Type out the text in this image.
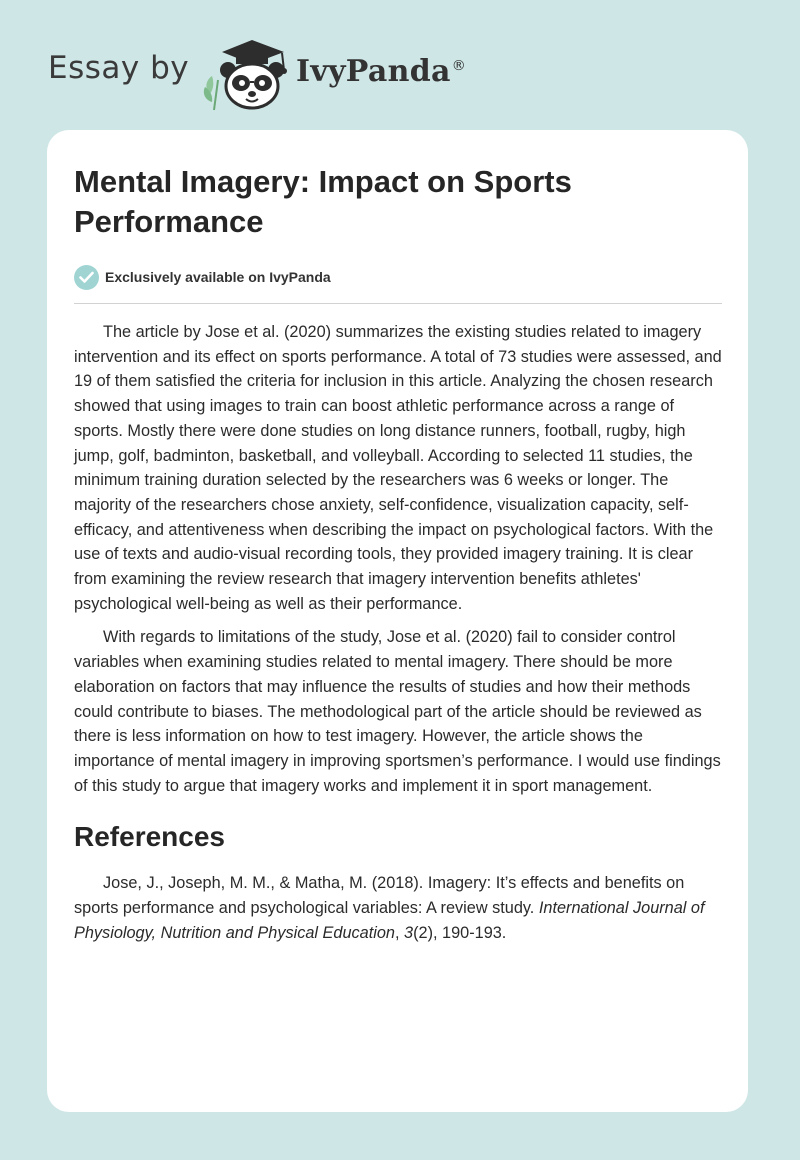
Essay by	IvyPanda®
Mental Imagery: Impact on Sports Performance
Exclusively available on IvyPanda

The article by Jose et al. (2020) summarizes the existing studies related to imagery intervention and its effect on sports performance. A total of 73 studies were assessed, and 19 of them satisfied the criteria for inclusion in this article. Analyzing the chosen research showed that using images to train can boost athletic performance across a range of sports. Mostly there were done studies on long distance runners, football, rugby, high jump, golf, badminton, basketball, and volleyball. According to selected 11 studies, the minimum training duration selected by the researchers was 6 weeks or longer. The majority of the researchers chose anxiety, self-confidence, visualization capacity, self-efficacy, and attentiveness when describing the impact on psychological factors. With the use of texts and audio-visual recording tools, they provided imagery training. It is clear from examining the review research that imagery intervention benefits athletes' psychological well-being as well as their performance.

With regards to limitations of the study, Jose et al. (2020) fail to consider control variables when examining studies related to mental imagery. There should be more elaboration on factors that may influence the results of studies and how their methods could contribute to biases. The methodological part of the article should be reviewed as there is less information on how to test imagery. However, the article shows the importance of mental imagery in improving sportsmen’s performance. I would use findings of this study to argue that imagery works and implement it in sport management.

References

Jose, J., Joseph, M. M., & Matha, M. (2018). Imagery: It’s effects and benefits on sports performance and psychological variables: A review study. International Journal of Physiology, Nutrition and Physical Education, 3(2), 190-193.
